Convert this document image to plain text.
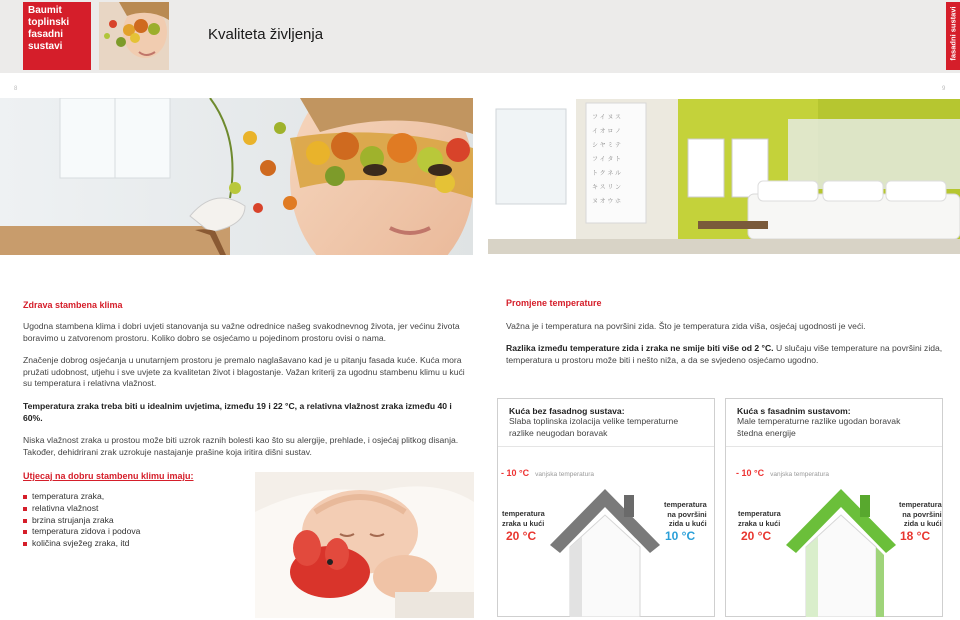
Baumit
toplinski
fasadni
sustavi
Kvaliteta življenja	fasadni sustavi
8	9
フ イ ヌ ス
イ オ ロ ノ
シ ヤ ミ テ
フ イ タ ト
ト ク ネ ル
キ ス リ ン
ヌ オ ウ ホ
Zdrava stambena klima
Ugodna stambena klima i dobri uvjeti stanovanja su važne odrednice našeg svakodnevnog života, jer većinu života boravimo u zatvorenom prostoru. Koliko dobro se osjećamo u pojedinom prostoru ovisi o nama.
Značenje dobrog osjećanja u unutarnjem prostoru je premalo naglašavano kad je u pitanju fasada kuće. Kuća mora pružati udobnost, utjehu i sve uvjete za kvalitetan život i blagostanje. Važan kriterij za ugodnu stambenu klimu u kući su temperatura i relativna vlažnost.
Temperatura zraka treba biti u idealnim uvjetima, između 19 i 22 °C, a relativna vlažnost zraka između 40 i 60%.
Niska vlažnost zraka u prostou može biti uzrok raznih bolesti kao što su alergije, prehlade, i osjećaj plitkog disanja. Također, dehidrirani zrak uzrokuje nastajanje prašine koja iritira dišni sustav.
Utjecaj na dobru stambenu klimu imaju:
temperatura zraka,
relativna vlažnost
brzina strujanja zraka
temperatura zidova i podova
količina svježeg zraka, itd
Promjene temperature
Važna je i temperatura na površini zida. Što je temperatura zida viša, osjećaj ugodnosti je veći.
Razlika između temperature zida i zraka ne smije biti više od 2 °C. U slučaju više temperature na površini zida, temperatura u prostoru može biti i nešto niža, a da se svjedeno osjećamo ugodno.
Kuća bez fasadnog sustava:
Slaba toplinska izolacija velike temperaturne
razlike neugodan boravak
- 10 °C vanjska temperatura
temperatura
zraka u kući
20 °C
temperatura
na površini
zida u kući
10 °C
Kuća s fasadnim sustavom:
Male temperaturne razlike ugodan boravak
štedna energije
- 10 °C vanjska temperatura
temperatura
zraka u kući
20 °C
temperatura
na površini
zida u kući
18 °C
